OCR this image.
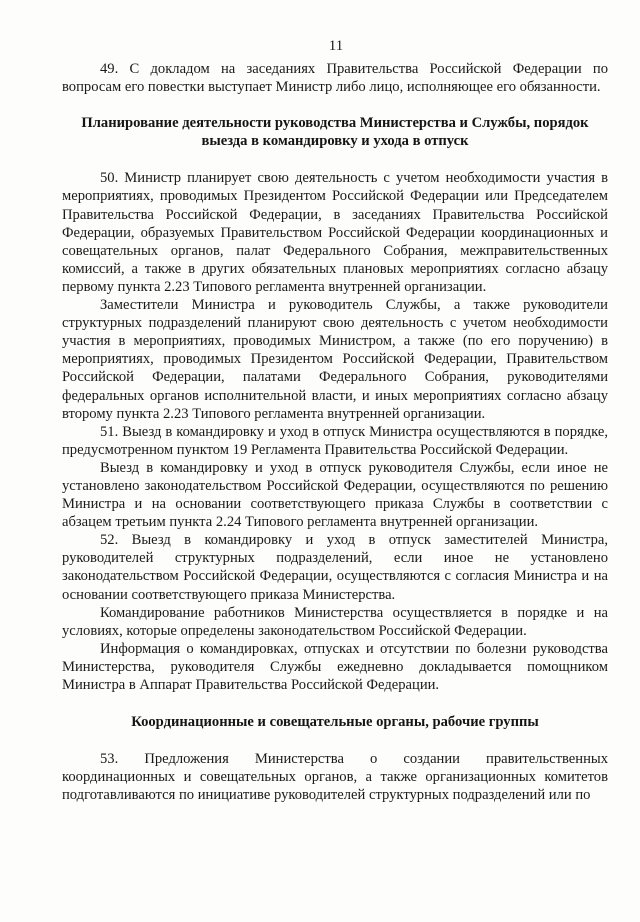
11

49. С докладом на заседаниях Правительства Российской Федерации по вопросам его повестки выступает Министр либо лицо, исполняющее его обязанности.

Планирование деятельности руководства Министерства и Службы, порядок выезда в командировку и ухода в отпуск

50. Министр планирует свою деятельность с учетом необходимости участия в мероприятиях, проводимых Президентом Российской Федерации или Председателем Правительства Российской Федерации, в заседаниях Правительства Российской Федерации, образуемых Правительством Российской Федерации координационных и совещательных органов, палат Федерального Собрания, межправительственных комиссий, а также в других обязательных плановых мероприятиях согласно абзацу первому пункта 2.23 Типового регламента внутренней организации.

Заместители Министра и руководитель Службы, а также руководители структурных подразделений планируют свою деятельность с учетом необходимости участия в мероприятиях, проводимых Министром, а также (по его поручению) в мероприятиях, проводимых Президентом Российской Федерации, Правительством Российской Федерации, палатами Федерального Собрания, руководителями федеральных органов исполнительной власти, и иных мероприятиях согласно абзацу второму пункта 2.23 Типового регламента внутренней организации.

51. Выезд в командировку и уход в отпуск Министра осуществляются в порядке, предусмотренном пунктом 19 Регламента Правительства Российской Федерации.

Выезд в командировку и уход в отпуск руководителя Службы, если иное не установлено законодательством Российской Федерации, осуществляются по решению Министра и на основании соответствующего приказа Службы в соответствии с абзацем третьим пункта 2.24 Типового регламента внутренней организации.

52. Выезд в командировку и уход в отпуск заместителей Министра, руководителей структурных подразделений, если иное не установлено законодательством Российской Федерации, осуществляются с согласия Министра и на основании соответствующего приказа Министерства.

Командирование работников Министерства осуществляется в порядке и на условиях, которые определены законодательством Российской Федерации.

Информация о командировках, отпусках и отсутствии по болезни руководства Министерства, руководителя Службы ежедневно докладывается помощником Министра в Аппарат Правительства Российской Федерации.

Координационные и совещательные органы, рабочие группы

53. Предложения Министерства о создании правительственных координационных и совещательных органов, а также организационных комитетов подготавливаются по инициативе руководителей структурных подразделений или по
